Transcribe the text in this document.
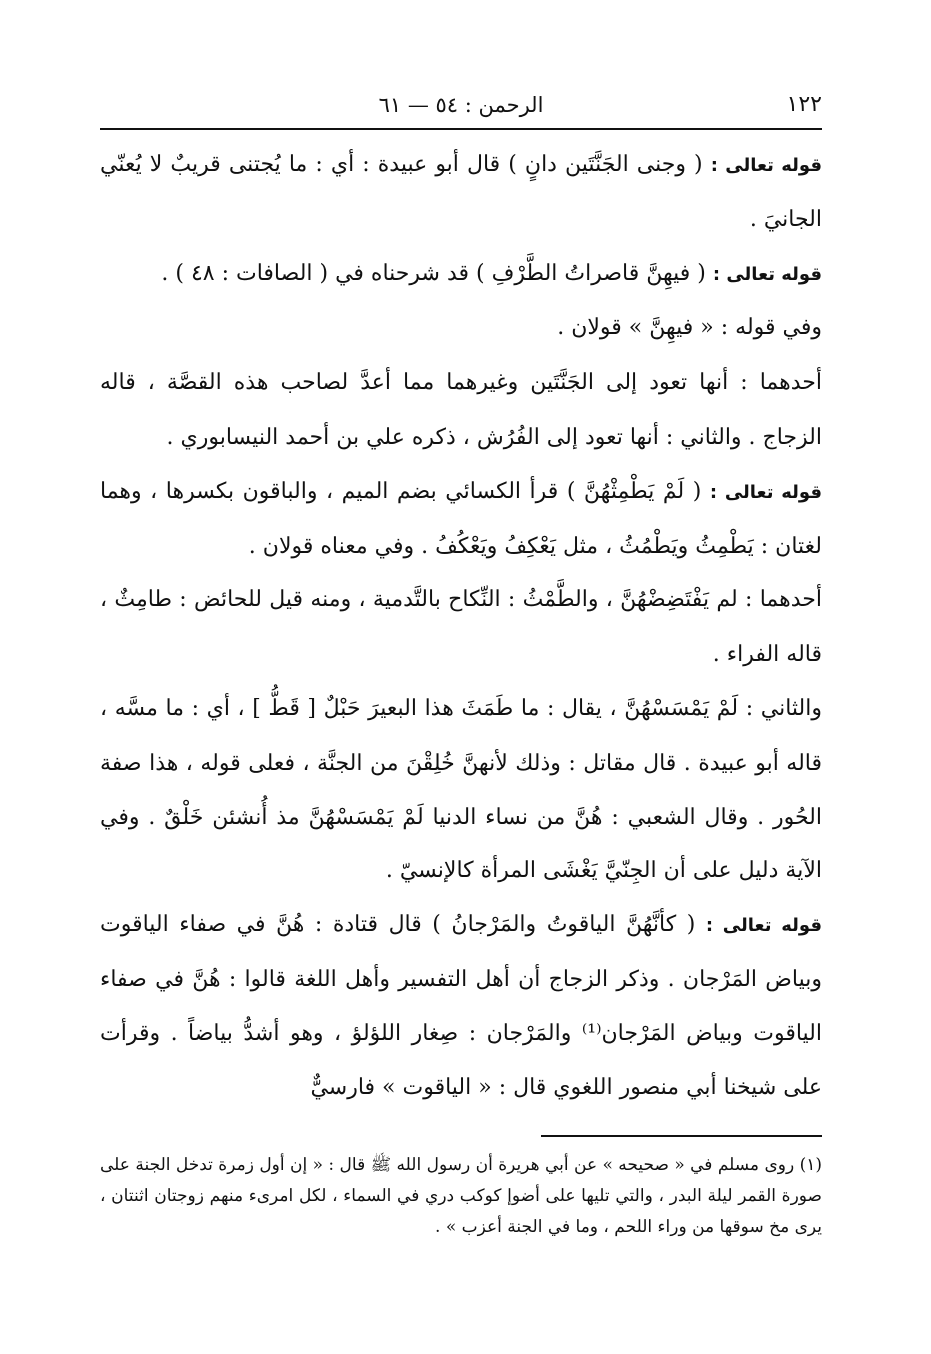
١٢٢
الرحمن : ٥٤ — ٦١

قوله تعالى : ( وجنى الجَنَّتَين دانٍ ) قال أبو عبيدة : أي : ما يُجتنى قريبٌ لا يُعنّي الجانيَ .

قوله تعالى : ( فيهِنَّ قاصراتُ الطَّرْفِ ) قد شرحناه في ( الصافات : ٤٨ ) .

وفي قوله : « فيهِنَّ » قولان .

أحدهما : أنها تعود إلى الجَنَّتَين وغيرهما مما أعدَّ لصاحب هذه القصَّة ، قاله الزجاج . والثاني : أنها تعود إلى الفُرُش ، ذكره علي بن أحمد النيسابوري .

قوله تعالى : ( لَمْ يَطْمِثْهُنَّ ) قرأ الكسائي بضم الميم ، والباقون بكسرها ، وهما لغتان : يَطْمِثُ ويَطْمُثُ ، مثل يَعْكِفُ ويَعْكُفُ . وفي معناه قولان .

أحدهما : لم يَفْتَضِضْهُنَّ ، والطَّمْثُ : النِّكاح بالتَّدمية ، ومنه قيل للحائض : طامِثٌ ، قاله الفراء .

والثاني : لَمْ يَمْسَسْهُنَّ ، يقال : ما طَمَثَ هذا البعيرَ حَبْلٌ [ قَطُّ ] ، أي : ما مسَّه ، قاله أبو عبيدة . قال مقاتل : وذلك لأنهنَّ خُلِقْنَ من الجنَّة ، فعلى قوله ، هذا صفة الحُور . وقال الشعبي : هُنَّ من نساء الدنيا لَمْ يَمْسَسْهُنَّ مذ أُنشئن خَلْقٌ . وفي الآية دليل على أن الجِنّيَّ يَغْشَى المرأة كالإنسيّ .

قوله تعالى : ( كأنَّهُنَّ الياقوتُ والمَرْجانُ ) قال قتادة : هُنَّ في صفاء الياقوت وبياض المَرْجان . وذكر الزجاج أن أهل التفسير وأهل اللغة قالوا : هُنَّ في صفاء الياقوت وبياض المَرْجان⁽¹⁾ والمَرْجان : صِغار اللؤلؤ ، وهو أشدُّ بياضاً . وقرأت على شيخنا أبي منصور اللغوي قال : « الياقوت » فارسيٌّ

(١) روى مسلم في « صحيحه » عن أبي هريرة أن رسول الله ﷺ قال : « إن أول زمرة تدخل الجنة على صورة القمر ليلة البدر ، والتي تليها على أضوإ كوكب دري في السماء ، لكل امرىء منهم زوجتان اثنتان ، يرى مخ سوقها من وراء اللحم ، وما في الجنة أعزب » .
